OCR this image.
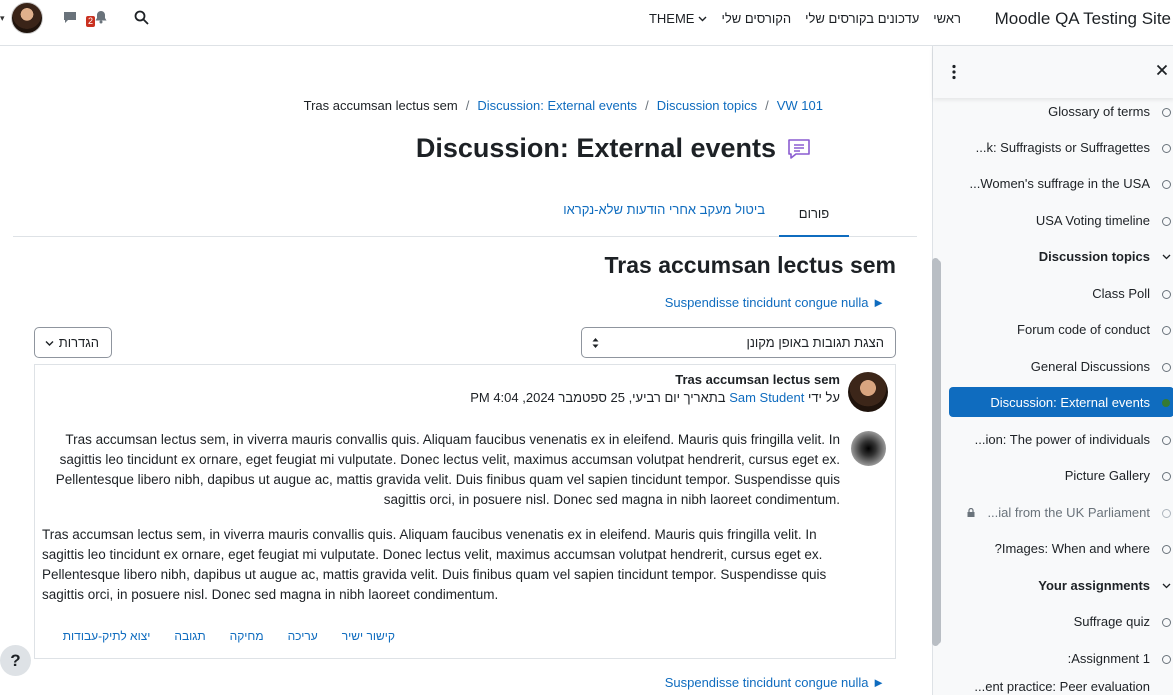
▾	2	ראשי
עדכונים בקורסים שלי
הקורסים שלי
THEME	Moodle QA Testing Site
VW 101
/
Discussion topics
/
Discussion: External events
/
Tras accumsan lectus sem
Discussion: External events
פורום
ביטול מעקב אחרי הודעות שלא-נקראו
Tras accumsan lectus sem
Suspendisse tincidunt congue nulla ►
הצגת תגובות באופן מקונן
הגדרות
Tras accumsan lectus sem
על ידי Sam Student בתאריך יום רביעי, 25 ספטמבר 2024, 4:04 PM
Tras accumsan lectus sem, in viverra mauris convallis quis. Aliquam faucibus venenatis ex in eleifend. Mauris quis fringilla velit. In sagittis leo tincidunt ex ornare, eget feugiat mi vulputate. Donec lectus velit, maximus accumsan volutpat hendrerit, cursus eget ex. Pellentesque libero nibh, dapibus ut augue ac, mattis gravida velit. Duis finibus quam vel sapien tincidunt tempor. Suspendisse quis sagittis orci, in posuere nisl. Donec sed magna in nibh laoreet condimentum.
Tras accumsan lectus sem, in viverra mauris convallis quis. Aliquam faucibus venenatis ex in eleifend. Mauris quis fringilla velit. In sagittis leo tincidunt ex ornare, eget feugiat mi vulputate. Donec lectus velit, maximus accumsan volutpat hendrerit, cursus eget ex. Pellentesque libero nibh, dapibus ut augue ac, mattis gravida velit. Duis finibus quam vel sapien tincidunt tempor. Suspendisse quis sagittis orci, in posuere nisl. Donec sed magna in nibh laoreet condimentum.
קישור ישיר
עריכה
מחיקה
תגובה
יצוא לתיק-עבודות
Suspendisse tincidunt congue nulla ►
?
Glossary of terms
...k: Suffragists or Suffragettes
...Women's suffrage in the USA
USA Voting timeline
Discussion topics
Class Poll
Forum code of conduct
General Discussions
Discussion: External events
...ion: The power of individuals
Picture Gallery
...ial from the UK Parliament
?Images: When and where
Your assignments
Suffrage quiz
:Assignment 1
...ent practice: Peer evaluation
